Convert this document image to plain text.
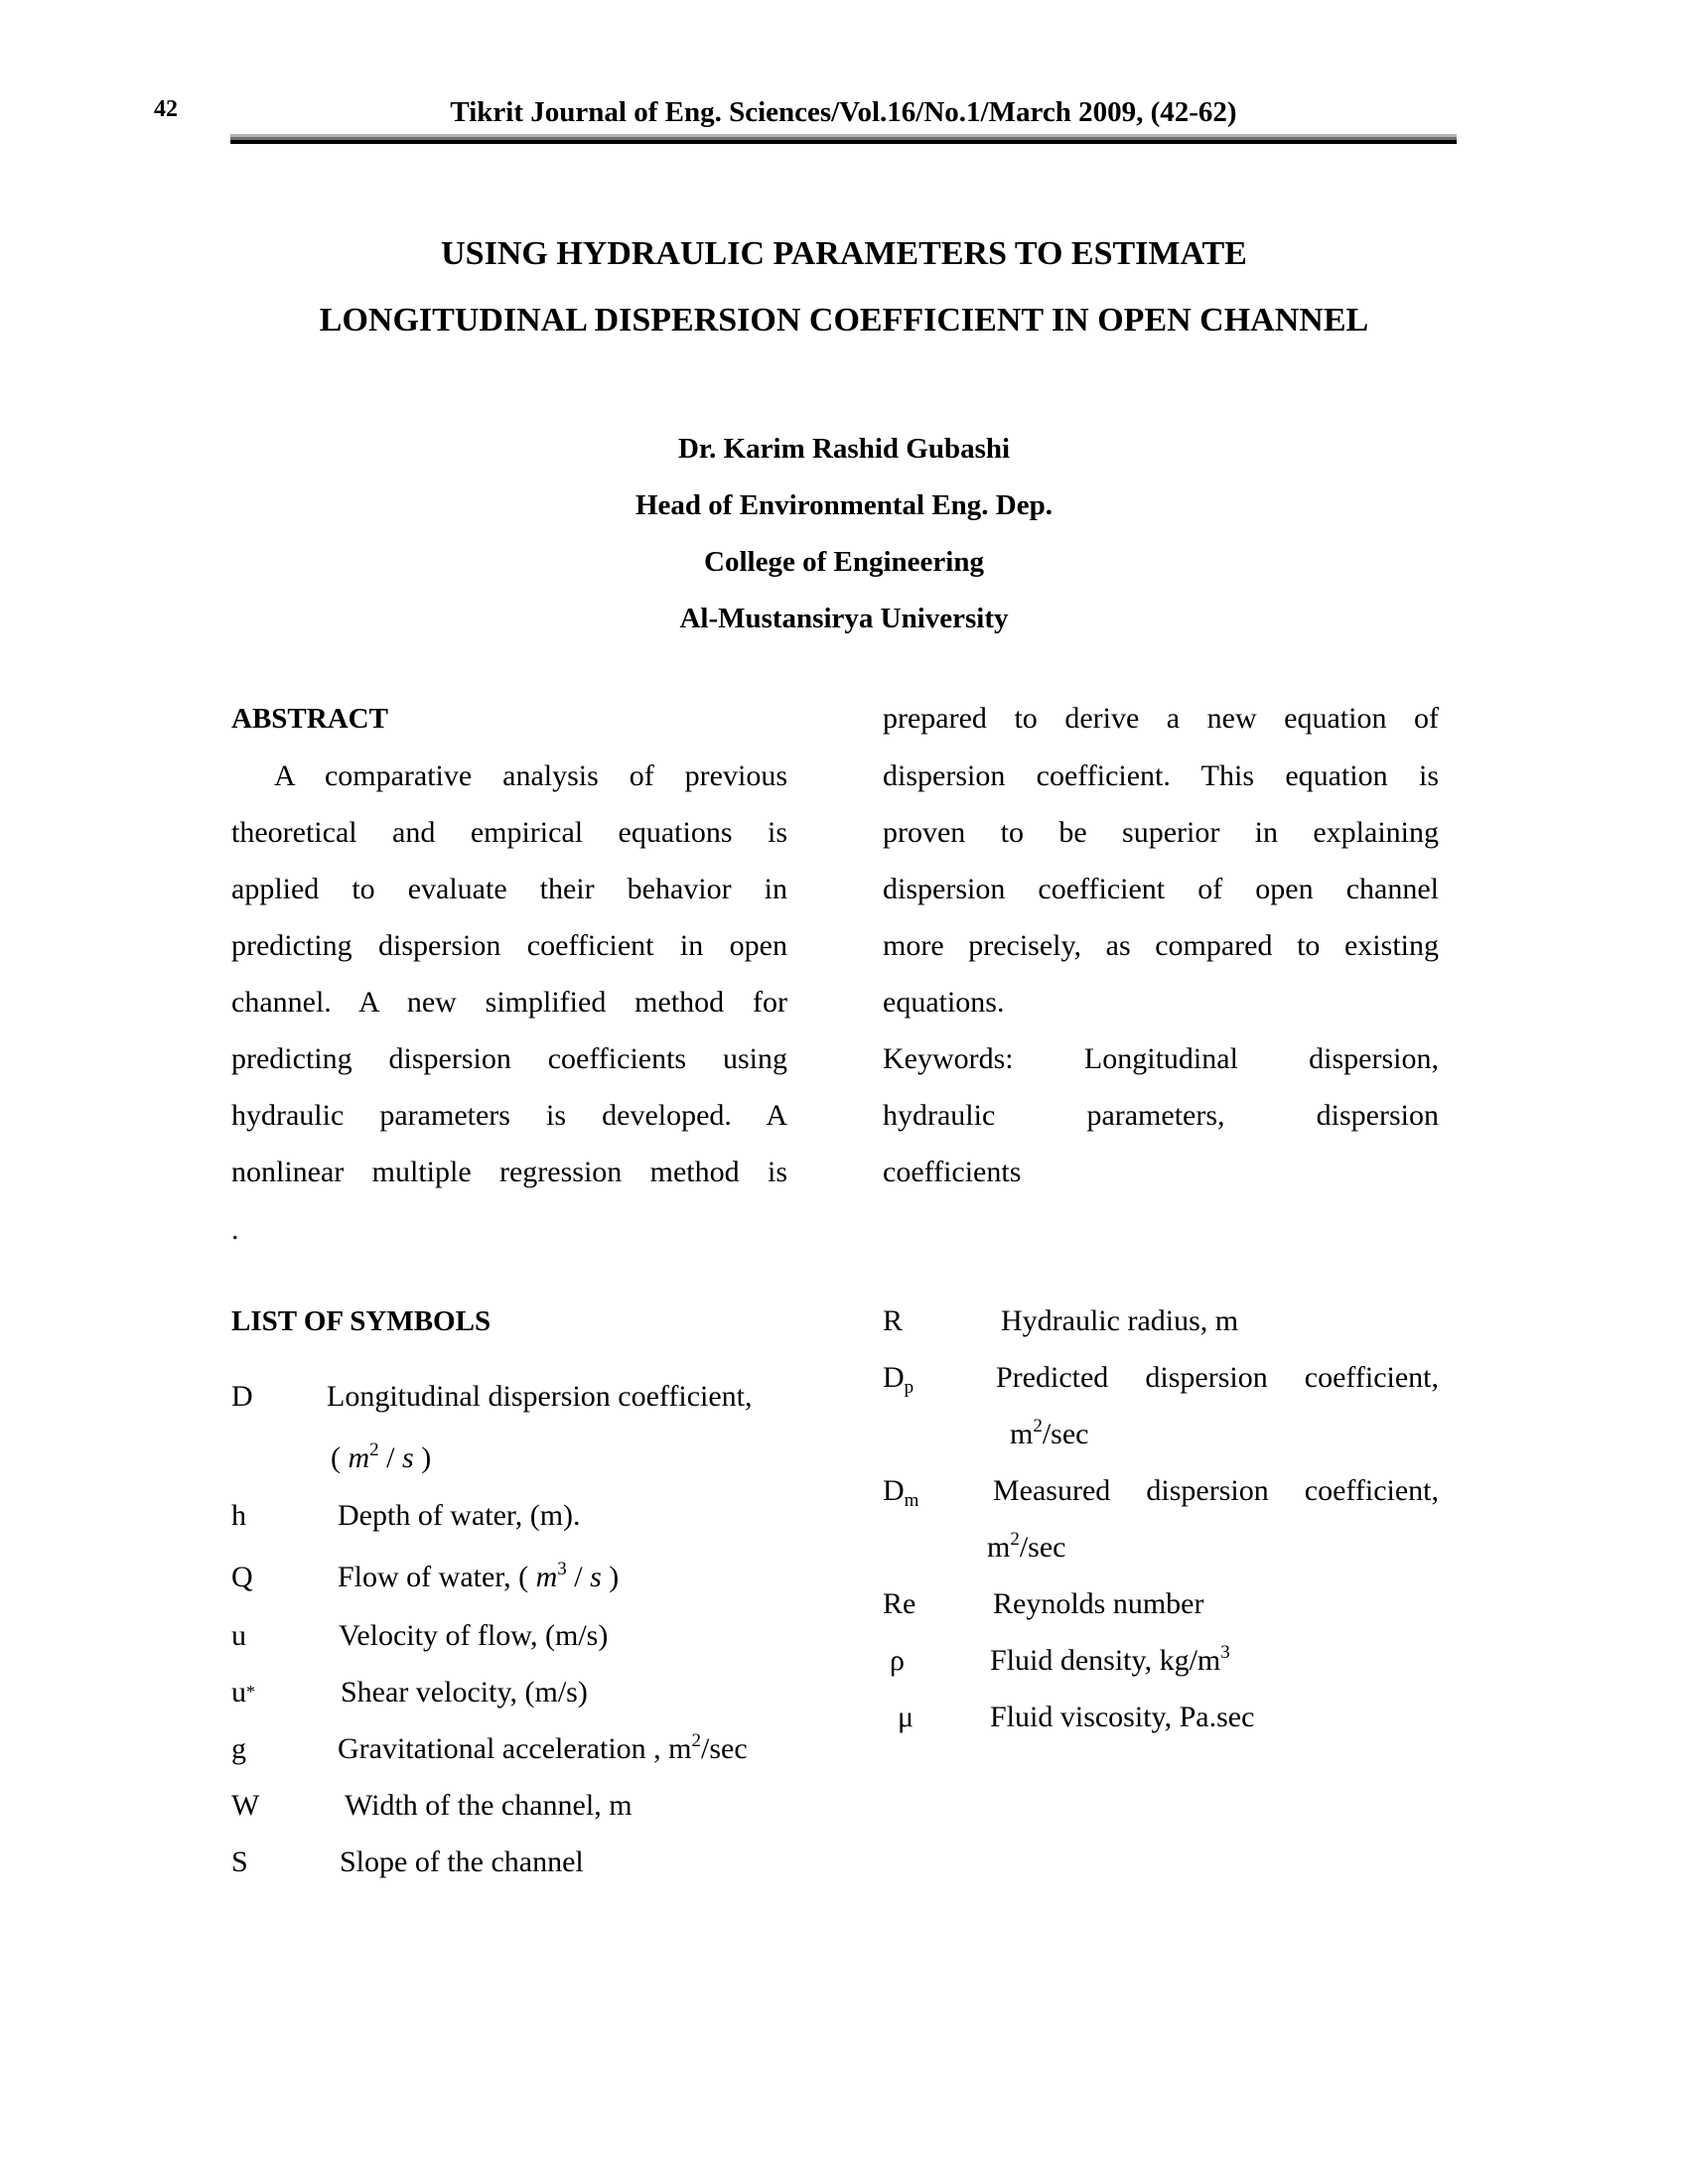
42	Tikrit Journal of Eng. Sciences/Vol.16/No.1/March 2009, (42-62)
USING HYDRAULIC PARAMETERS TO ESTIMATE
LONGITUDINAL DISPERSION COEFFICIENT IN OPEN CHANNEL
Dr. Karim Rashid Gubashi
Head of Environmental Eng. Dep.
College of Engineering
Al-Mustansirya University
ABSTRACT
A comparative analysis of previous
theoretical and empirical equations is
applied to evaluate their behavior in
predicting dispersion coefficient in open
channel. A new simplified method for
predicting dispersion coefficients using
hydraulic parameters is developed. A
nonlinear multiple regression method is
.
prepared to derive a new equation of
dispersion coefficient. This equation is
proven to be superior in explaining
dispersion coefficient of open channel
more precisely, as compared to existing
equations.
Keywords: Longitudinal dispersion,
hydraulic parameters, dispersion
coefficients
LIST OF SYMBOLS
D Longitudinal dispersion coefficient,
( $m^2$ / s )
h	Depth of water, (m).
Q	Flow of water, ( $m^3$ / s )
u	Velocity of flow, (m/s)
u*	Shear velocity, (m/s)
g	Gravitational acceleration , $m^2/\sec$
W	Width of the channel, m
S	Slope of the channel
R	Hydraulic radius, m
$D_p$	Predicted dispersion coefficient,
$m^2/\sec$
$D_m$ Measured dispersion coefficient,
$m^2/\sec$
Re	Reynolds number
ρ	Fluid density, $kg/m^3$
μ	Fluid viscosity, Pa.sec
